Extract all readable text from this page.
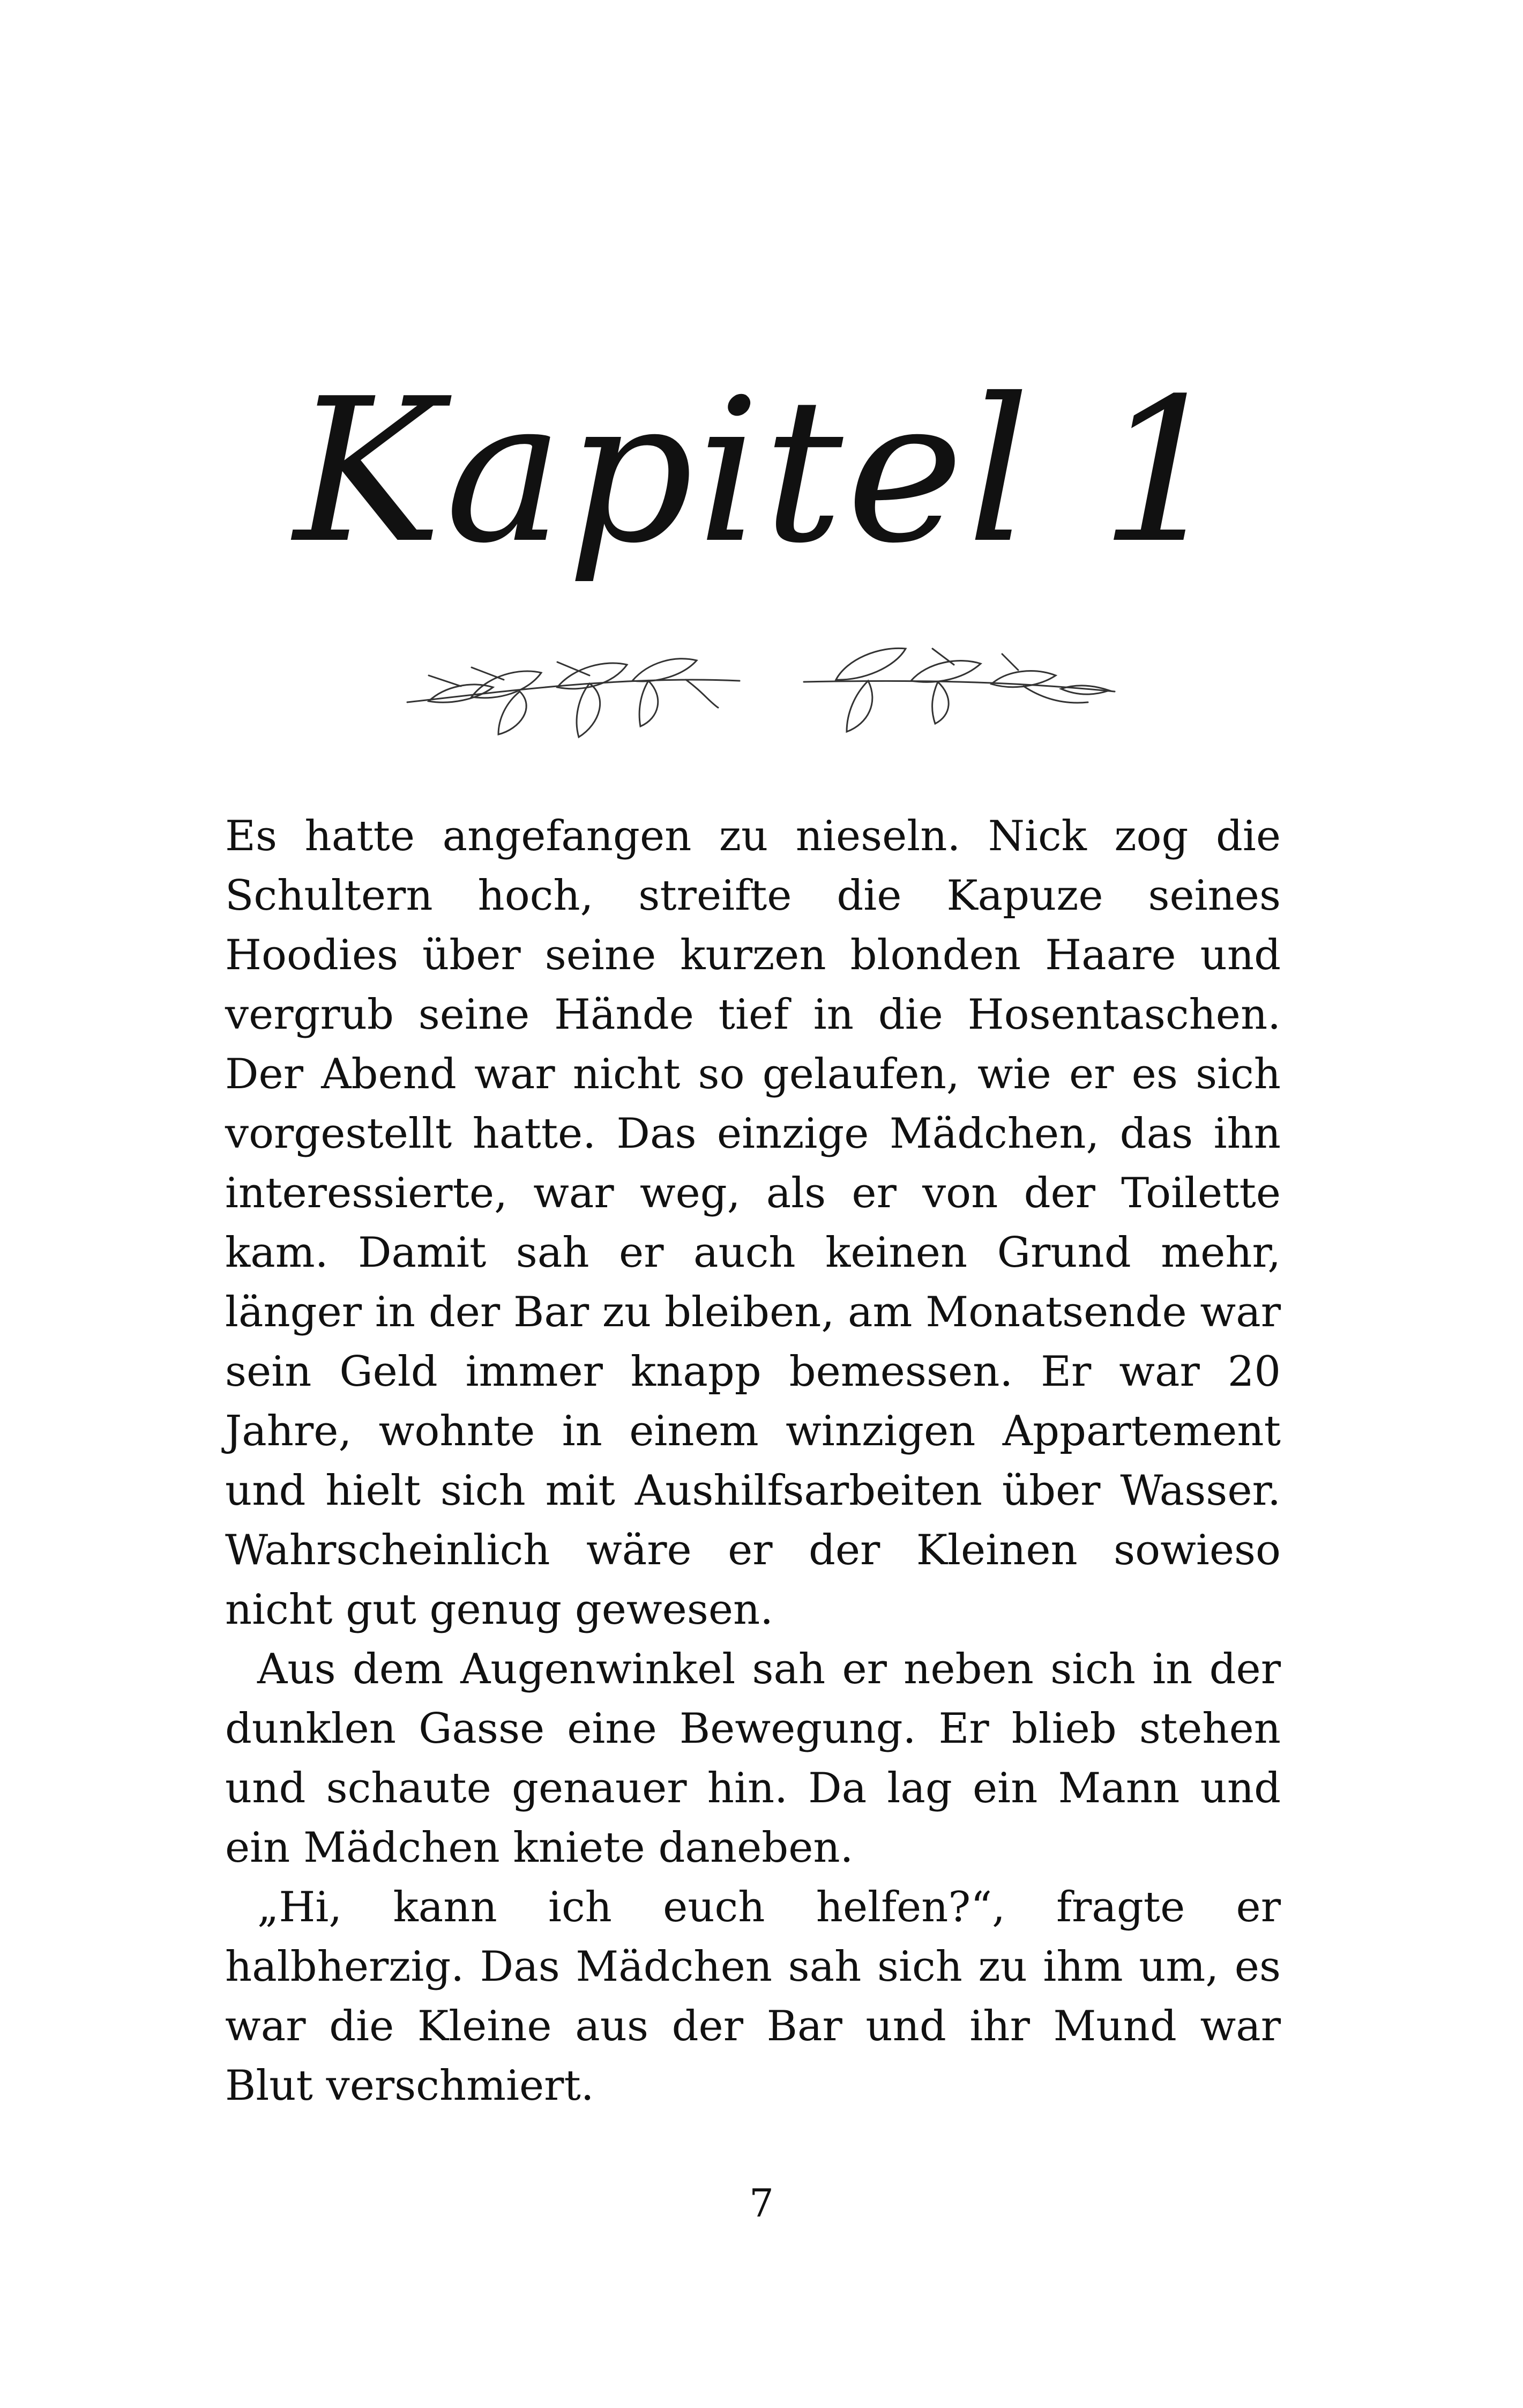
Kapitel 1

Es hatte angefangen zu nieseln. Nick zog die Schultern hoch, streifte die Kapuze seines Hoodies über seine kurzen blonden Haare und vergrub seine Hände tief in die Hosentaschen. Der Abend war nicht so gelaufen, wie er es sich vorgestellt hatte. Das einzige Mädchen, das ihn interessierte, war weg, als er von der Toilette kam. Damit sah er auch keinen Grund mehr, länger in der Bar zu bleiben, am Monatsende war sein Geld immer knapp bemessen. Er war 20 Jahre, wohnte in einem winzigen Appartement und hielt sich mit Aushilfsarbeiten über Wasser. Wahrscheinlich wäre er der Kleinen sowieso nicht gut genug gewesen.

Aus dem Augenwinkel sah er neben sich in der dunklen Gasse eine Bewegung. Er blieb stehen und schaute genauer hin. Da lag ein Mann und ein Mädchen kniete daneben.

„Hi, kann ich euch helfen?“, fragte er halbherzig. Das Mädchen sah sich zu ihm um, es war die Kleine aus der Bar und ihr Mund war Blut verschmiert.

7
